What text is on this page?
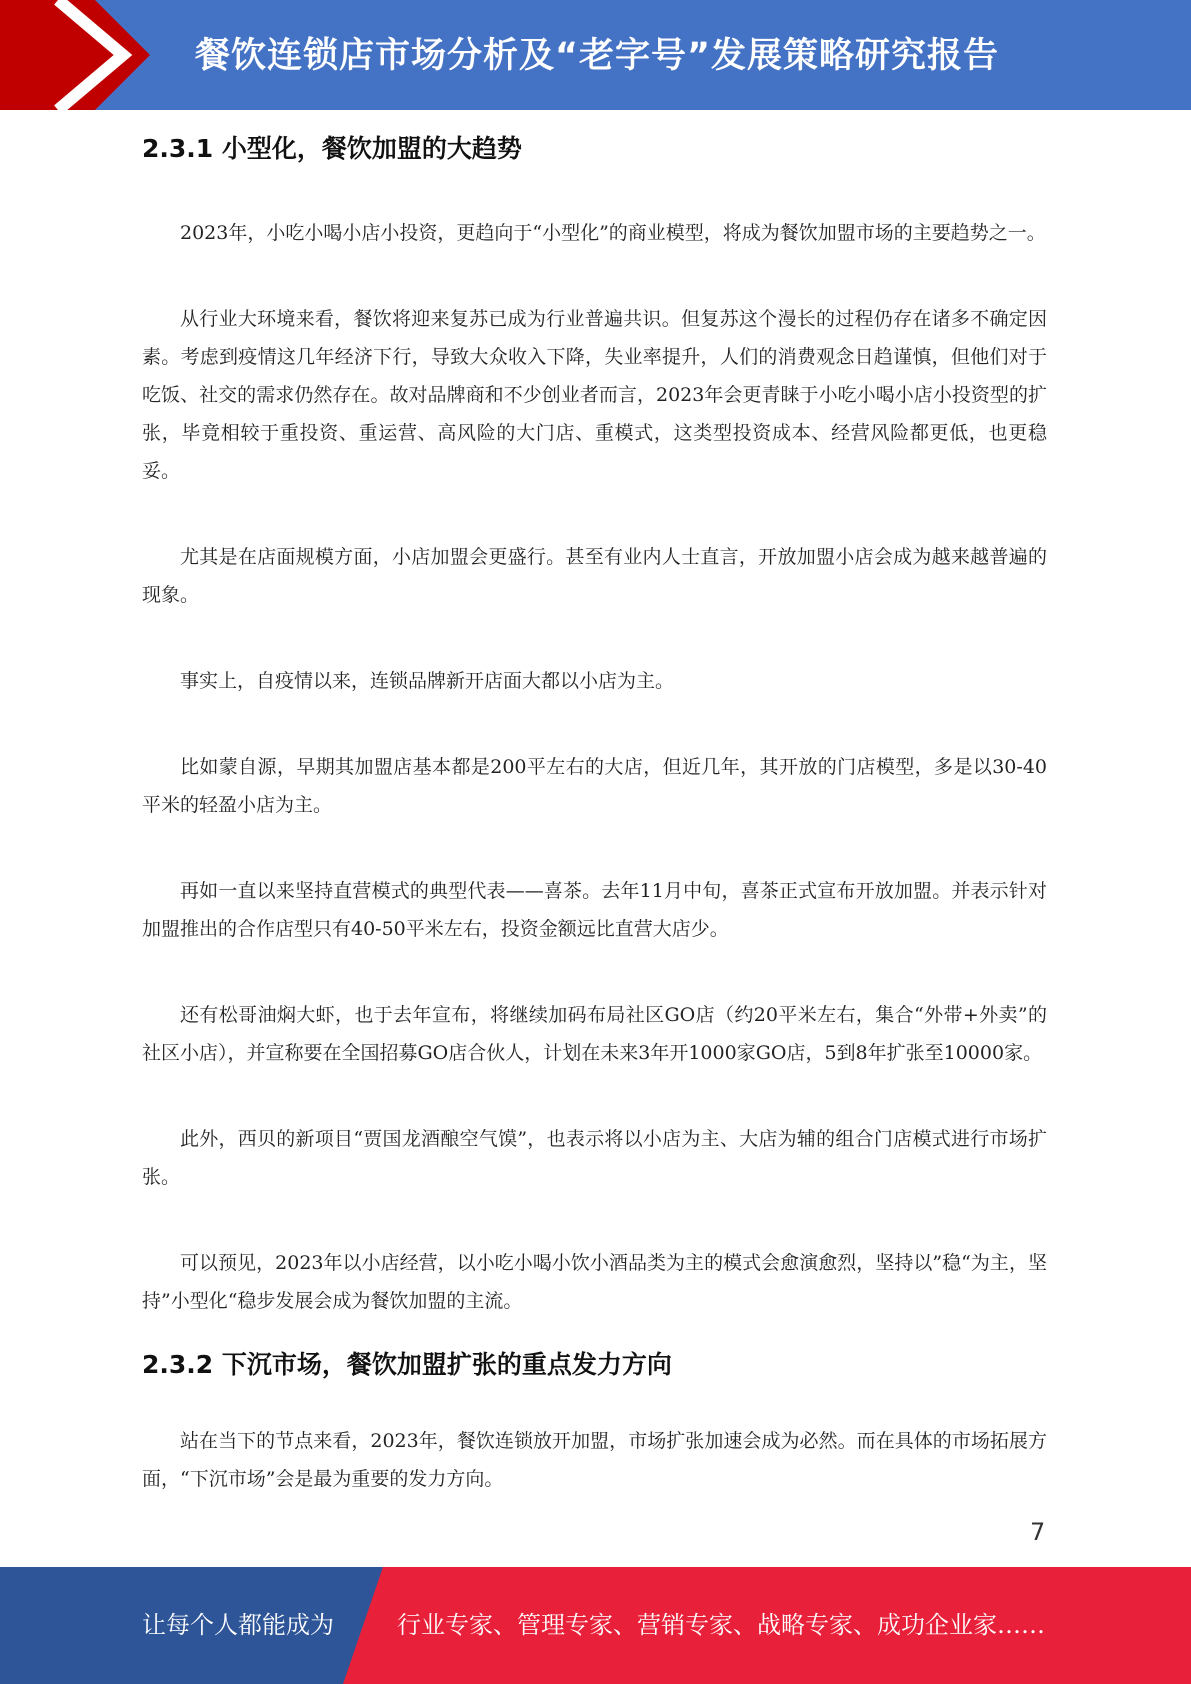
餐饮连锁店市场分析及“老字号”发展策略研究报告
2.3.1 小型化，餐饮加盟的大趋势

2023年，小吃小喝小店小投资，更趋向于“小型化”的商业模型，将成为餐饮加盟市场的主要趋势之一。

从行业大环境来看，餐饮将迎来复苏已成为行业普遍共识。但复苏这个漫长的过程仍存在诸多不确定因素。考虑到疫情这几年经济下行，导致大众收入下降，失业率提升，人们的消费观念日趋谨慎，但他们对于吃饭、社交的需求仍然存在。故对品牌商和不少创业者而言，2023年会更青睐于小吃小喝小店小投资型的扩张，毕竟相较于重投资、重运营、高风险的大门店、重模式，这类型投资成本、经营风险都更低，也更稳妥。

尤其是在店面规模方面，小店加盟会更盛行。甚至有业内人士直言，开放加盟小店会成为越来越普遍的现象。

事实上，自疫情以来，连锁品牌新开店面大都以小店为主。

比如蒙自源，早期其加盟店基本都是200平左右的大店，但近几年，其开放的门店模型，多是以30-40平米的轻盈小店为主。

再如一直以来坚持直营模式的典型代表——喜茶。去年11月中旬，喜茶正式宣布开放加盟。并表示针对加盟推出的合作店型只有40-50平米左右，投资金额远比直营大店少。

还有松哥油焖大虾，也于去年宣布，将继续加码布局社区GO店（约20平米左右，集合“外带+外卖”的社区小店），并宣称要在全国招募GO店合伙人，计划在未来3年开1000家GO店，5到8年扩张至10000家。

此外，西贝的新项目“贾国龙酒酿空气馍”，也表示将以小店为主、大店为辅的组合门店模式进行市场扩张。

可以预见，2023年以小店经营，以小吃小喝小饮小酒品类为主的模式会愈演愈烈，坚持以”稳“为主，坚持”小型化“稳步发展会成为餐饮加盟的主流。

2.3.2 下沉市场，餐饮加盟扩张的重点发力方向

站在当下的节点来看，2023年，餐饮连锁放开加盟，市场扩张加速会成为必然。而在具体的市场拓展方面，“下沉市场”会是最为重要的发力方向。

7
让每个人都能成为	行业专家、管理专家、营销专家、战略专家、成功企业家……
